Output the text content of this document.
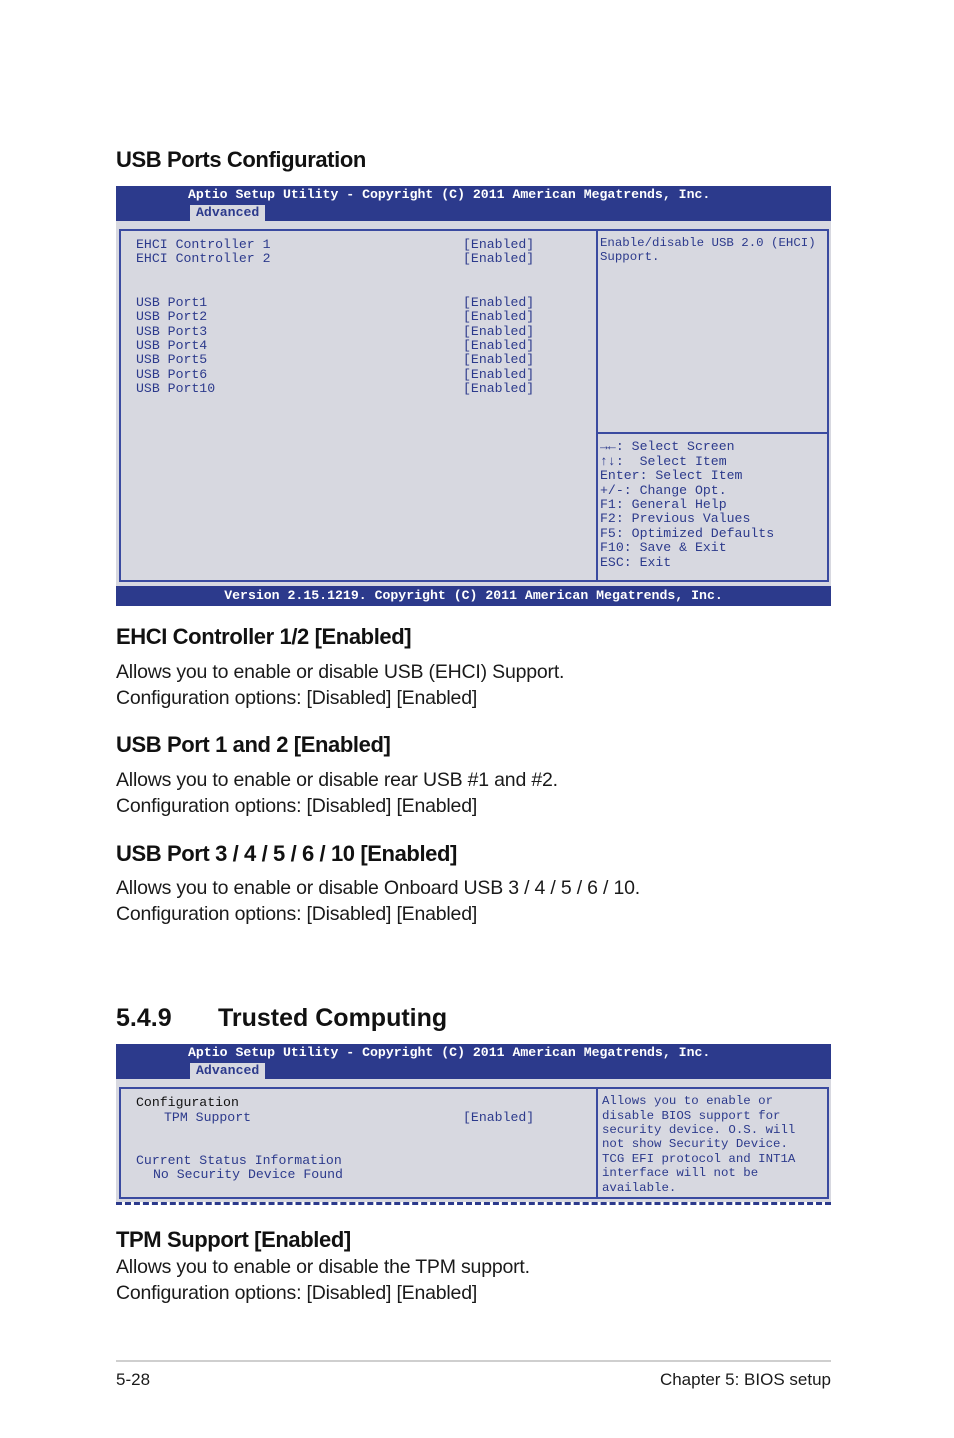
USB Ports Configuration
Aptio Setup Utility - Copyright (C) 2011 American Megatrends, Inc.
Advanced
EHCI Controller 1	[Enabled]
EHCI Controller 2	[Enabled]
USB Port1	[Enabled]
USB Port2	[Enabled]
USB Port3	[Enabled]
USB Port4	[Enabled]
USB Port5	[Enabled]
USB Port6	[Enabled]
USB Port10	[Enabled]
Enable/disable USB 2.0 (EHCI)
Support.
→←: Select Screen
↑↓:  Select Item
Enter: Select Item
+/-: Change Opt.
F1: General Help
F2: Previous Values
F5: Optimized Defaults
F10: Save & Exit
ESC: Exit
Version 2.15.1219. Copyright (C) 2011 American Megatrends, Inc.
EHCI Controller 1/2 [Enabled]

Allows you to enable or disable USB (EHCI) Support.

Configuration options: [Disabled] [Enabled]

USB Port 1 and 2 [Enabled]

Allows you to enable or disable rear USB #1 and #2.

Configuration options: [Disabled] [Enabled]

USB Port 3 / 4 / 5 / 6 / 10 [Enabled]

Allows you to enable or disable Onboard USB 3 / 4 / 5 / 6 / 10.

Configuration options: [Disabled] [Enabled]

5.4.9 Trusted Computing
Aptio Setup Utility - Copyright (C) 2011 American Megatrends, Inc.
Advanced
Configuration
TPM Support	[Enabled]
Current Status Information
No Security Device Found
Allows you to enable or
disable BIOS support for
security device. O.S. will
not show Security Device.
TCG EFI protocol and INT1A
interface will not be
available.
TPM Support [Enabled]

Allows you to enable or disable the TPM support.

Configuration options: [Disabled] [Enabled]

5-28	Chapter 5: BIOS setup
